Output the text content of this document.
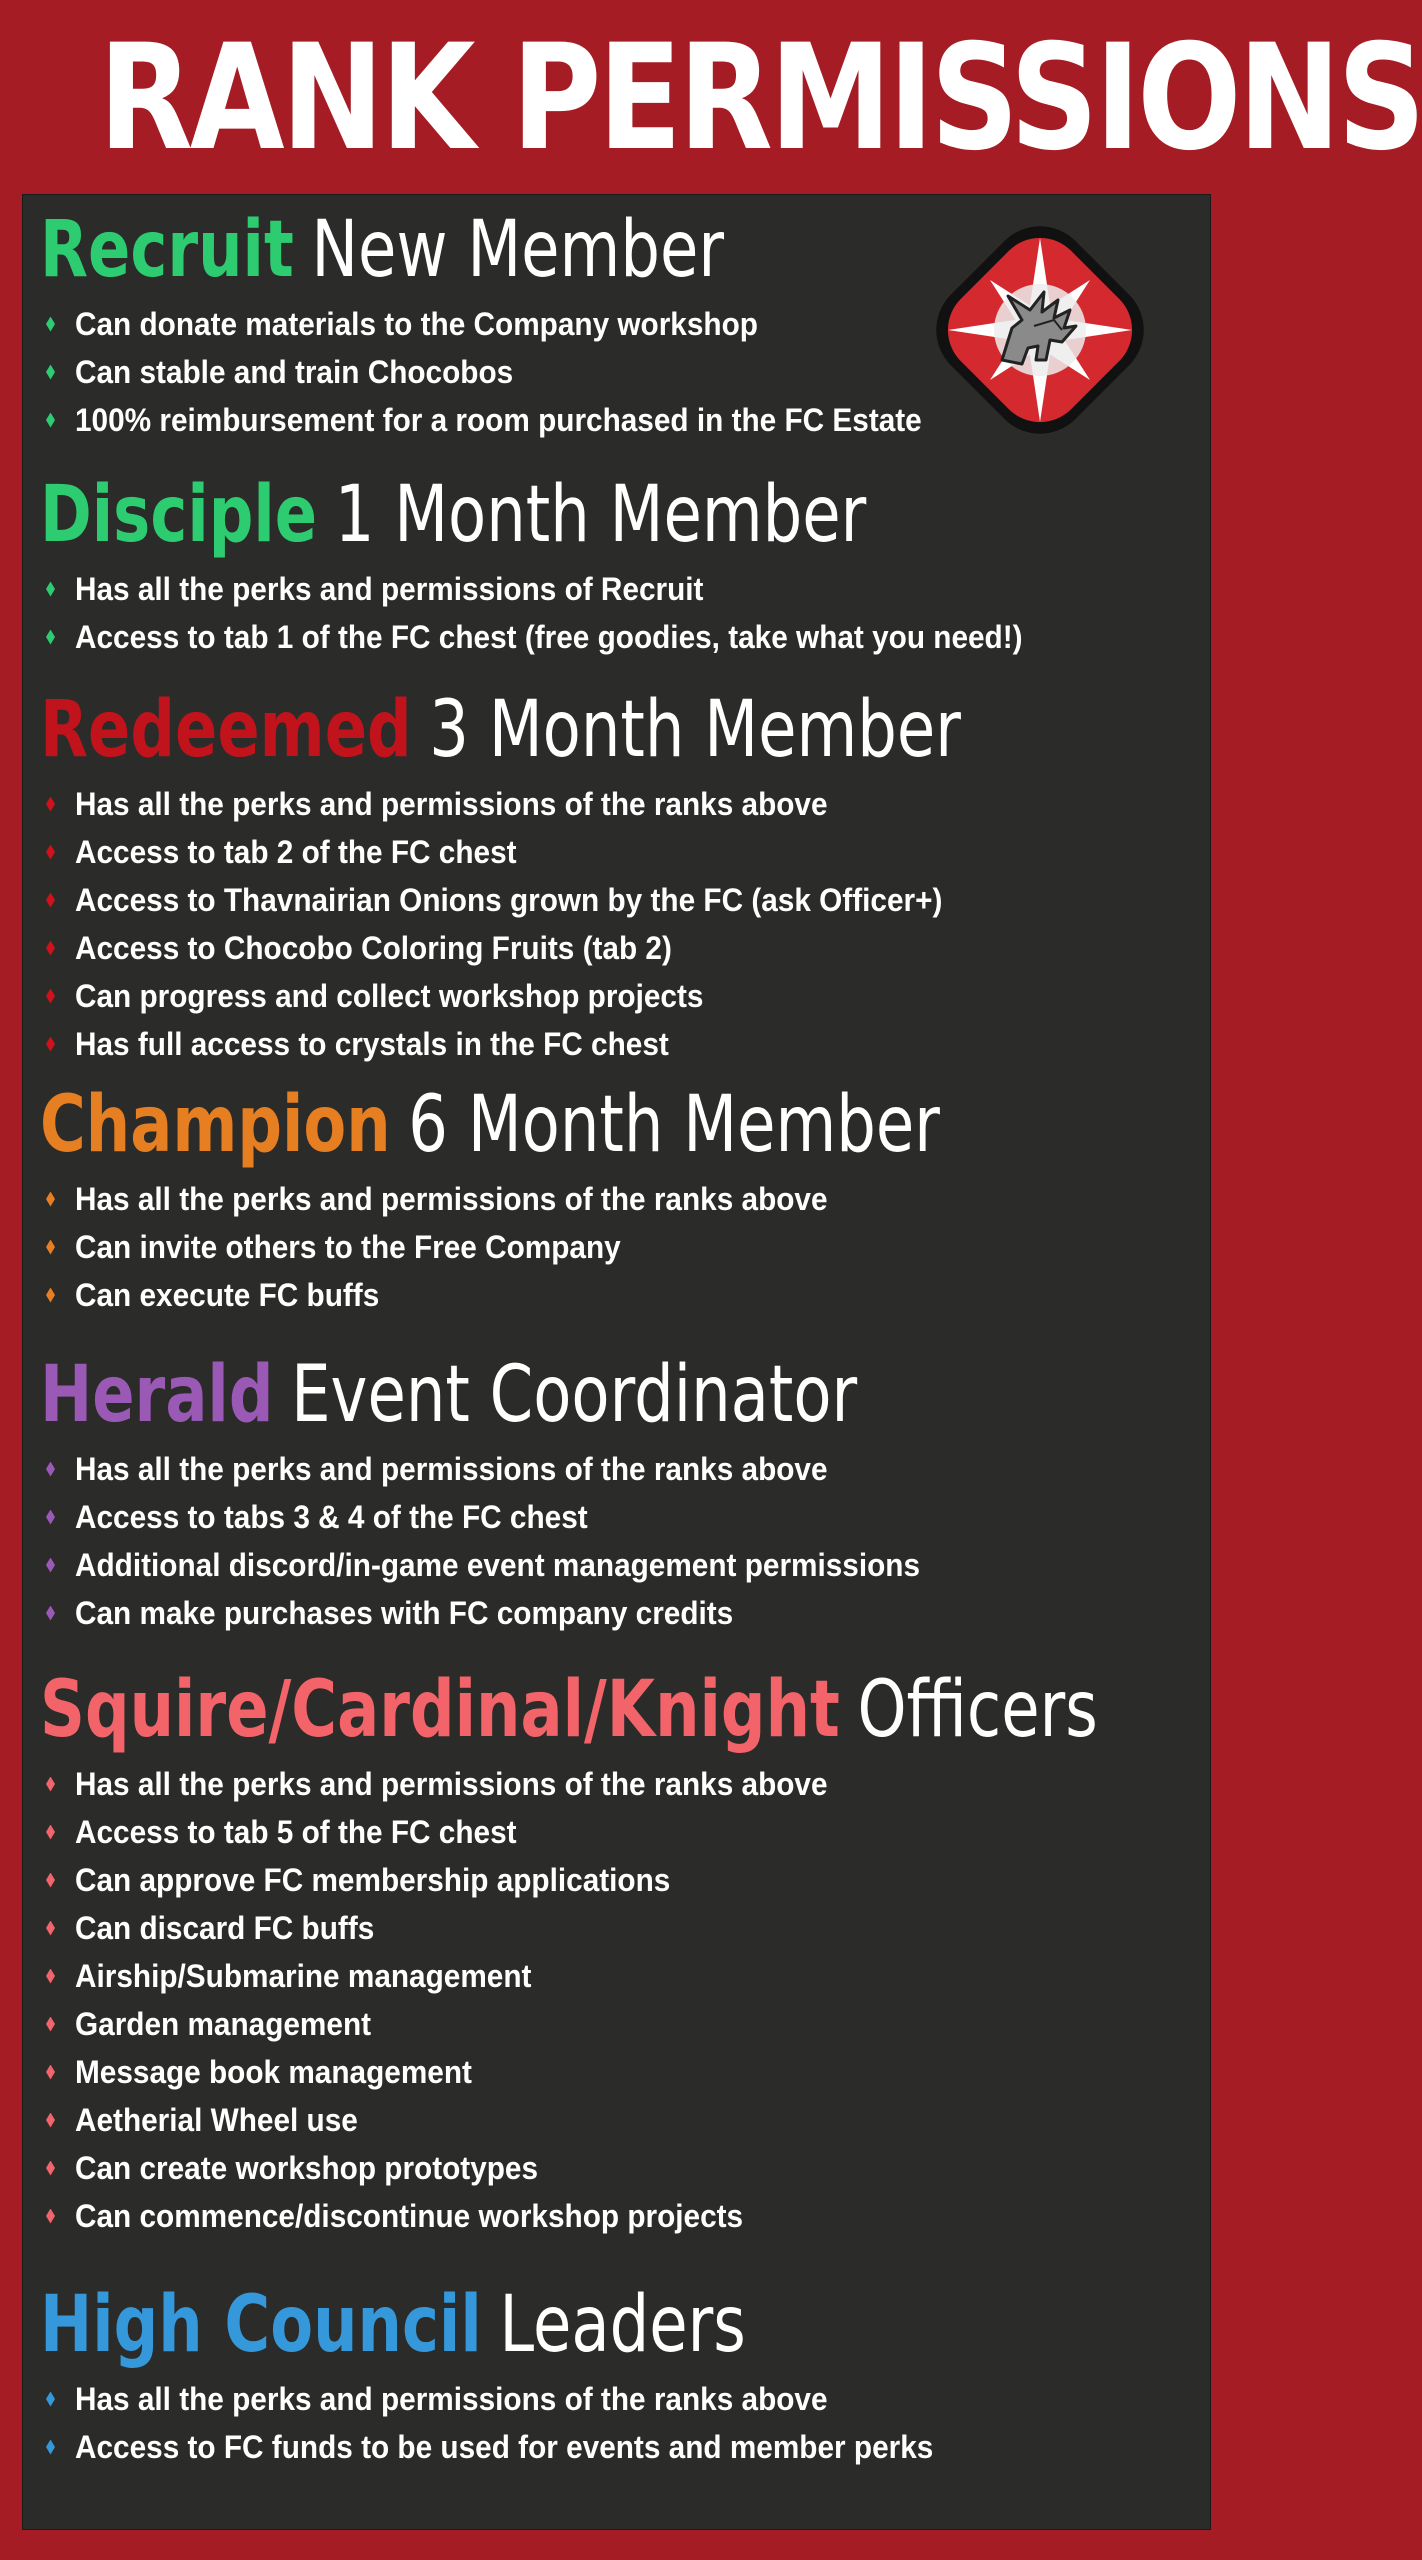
RANK PERMISSIONS
Recruit New Member
Can donate materials to the Company workshop
Can stable and train Chocobos
100% reimbursement for a room purchased in the FC Estate
Disciple 1 Month Member
Has all the perks and permissions of Recruit
Access to tab 1 of the FC chest (free goodies, take what you need!)
Redeemed 3 Month Member
Has all the perks and permissions of the ranks above
Access to tab 2 of the FC chest
Access to Thavnairian Onions grown by the FC (ask Officer+)
Access to Chocobo Coloring Fruits (tab 2)
Can progress and collect workshop projects
Has full access to crystals in the FC chest
Champion 6 Month Member
Has all the perks and permissions of the ranks above
Can invite others to the Free Company
Can execute FC buffs
Herald Event Coordinator
Has all the perks and permissions of the ranks above
Access to tabs 3 & 4 of the FC chest
Additional discord/in-game event management permissions
Can make purchases with FC company credits
Squire/Cardinal/Knight Officers
Has all the perks and permissions of the ranks above
Access to tab 5 of the FC chest
Can approve FC membership applications
Can discard FC buffs
Airship/Submarine management
Garden management
Message book management
Aetherial Wheel use
Can create workshop prototypes
Can commence/discontinue workshop projects
High Council Leaders
Has all the perks and permissions of the ranks above
Access to FC funds to be used for events and member perks
